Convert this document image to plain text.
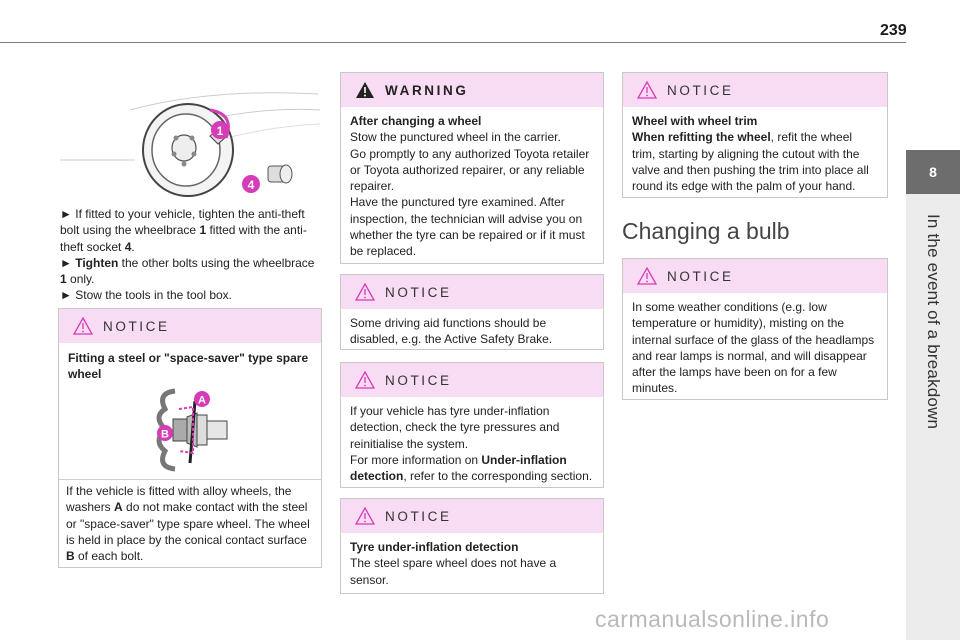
239
8
In the event of a breakdown
1
4
► If fitted to your vehicle, tighten the anti-theft bolt using the wheelbrace 1 fitted with the anti-theft socket 4.
► Tighten the other bolts using the wheelbrace 1 only.
► Stow the tools in the tool box.
NOTICE
Fitting a steel or "space-saver" type spare wheel
A
B
If the vehicle is fitted with alloy wheels, the washers A do not make contact with the steel or "space-saver" type spare wheel. The wheel is held in place by the conical contact surface B of each bolt.
WARNING
After changing a wheel
Stow the punctured wheel in the carrier.
Go promptly to any authorized Toyota retailer or Toyota authorized repairer, or any reliable repairer.
Have the punctured tyre examined. After inspection, the technician will advise you on whether the tyre can be repaired or if it must be replaced.
NOTICE
Some driving aid functions should be disabled, e.g. the Active Safety Brake.
NOTICE
If your vehicle has tyre under-inflation detection, check the tyre pressures and reinitialise the system.
For more information on Under-inflation detection, refer to the corresponding section.
NOTICE
Tyre under-inflation detection
The steel spare wheel does not have a sensor.
NOTICE
Wheel with wheel trim
When refitting the wheel, refit the wheel trim, starting by aligning the cutout with the valve and then pushing the trim into place all round its edge with the palm of your hand.
Changing a bulb
NOTICE
In some weather conditions (e.g. low temperature or humidity), misting on the internal surface of the glass of the headlamps and rear lamps is normal, and will disappear after the lamps have been on for a few minutes.
carmanualsonline.info
